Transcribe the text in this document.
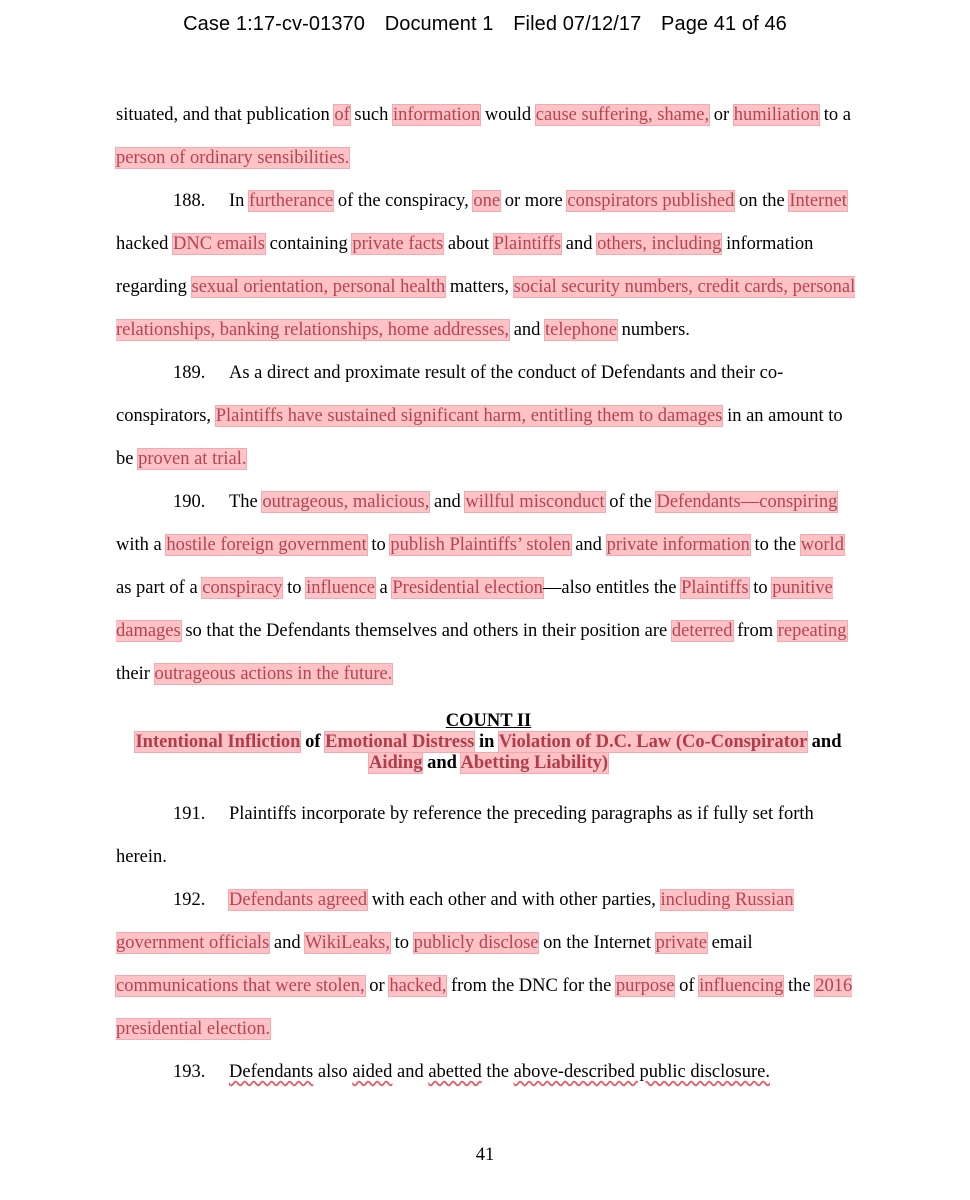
Case 1:17-cv-01370 Document 1 Filed 07/12/17 Page 41 of 46

situated, and that publication of such information would cause suffering, shame, or humiliation to a person of ordinary sensibilities.

188. In furtherance of the conspiracy, one or more conspirators published on the Internet hacked DNC emails containing private facts about Plaintiffs and others, including information regarding sexual orientation, personal health matters, social security numbers, credit cards, personal relationships, banking relationships, home addresses, and telephone numbers.

189. As a direct and proximate result of the conduct of Defendants and their co-conspirators, Plaintiffs have sustained significant harm, entitling them to damages in an amount to be proven at trial.

190. The outrageous, malicious, and willful misconduct of the Defendants—conspiring with a hostile foreign government to publish Plaintiffs’ stolen and private information to the world as part of a conspiracy to influence a Presidential election—also entitles the Plaintiffs to punitive damages so that the Defendants themselves and others in their position are deterred from repeating their outrageous actions in the future.

COUNT II
Intentional Infliction of Emotional Distress in Violation of D.C. Law (Co-Conspirator and Aiding and Abetting Liability)

191. Plaintiffs incorporate by reference the preceding paragraphs as if fully set forth herein.

192. Defendants agreed with each other and with other parties, including Russian government officials and WikiLeaks, to publicly disclose on the Internet private email communications that were stolen, or hacked, from the DNC for the purpose of influencing the 2016 presidential election.

193. Defendants also aided and abetted the above-described public disclosure.

41
